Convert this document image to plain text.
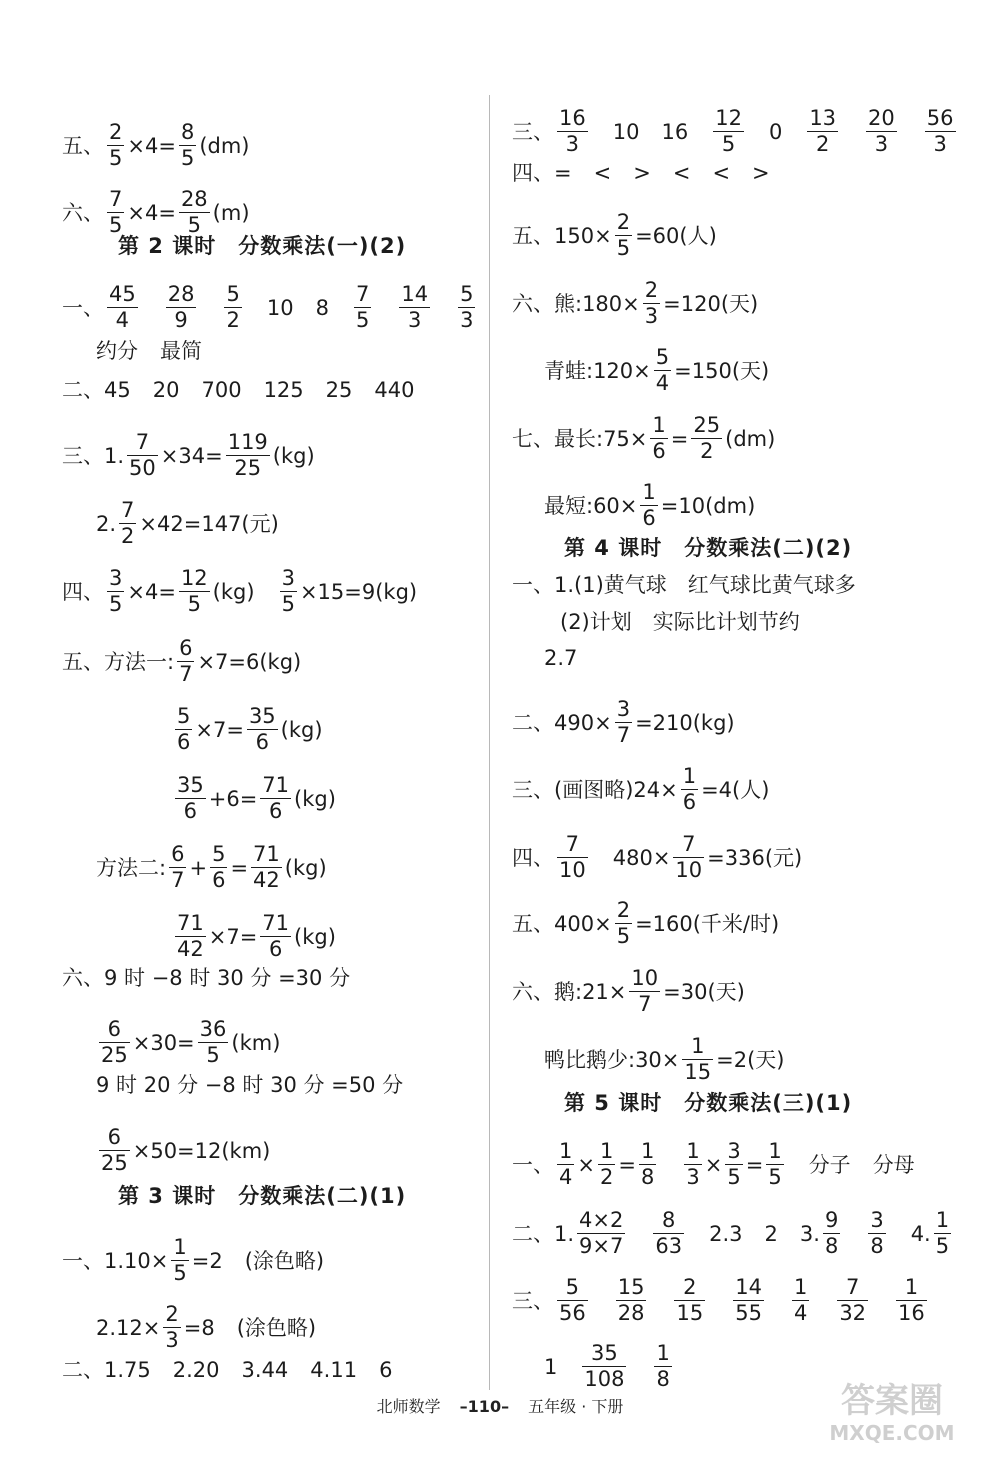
五、 $\frac{2}{5} \times 4= \frac{8}{5} (dm)$
六、 $\frac{7}{5} \times 4= \frac{28}{5} (m)$
第 2 课时　分数乘法(一)(2)
一、 $\frac{45}{4} \frac{28}{9} \frac{5}{2} 10$ $8 \frac{7}{5} \frac{14}{3} \frac{5}{3}$
约分 最简
二、45 20 700 125 25 440
三、1. $\frac{7}{50} \times 34= \frac{119}{25} (kg)$
2. $\frac{7}{2} \times 42=147$(元)
四、 $\frac{3}{5} \times 4= \frac{12}{5} (kg) \frac{3}{5} \times 15=9(kg)$
五、方法一: $\frac{6}{7} \times 7=6(kg)$
$\frac{5}{6} \times 7= \frac{35}{6} (kg)$
$\frac{35}{6} +6= \frac{71}{6} (kg)$
方法二: $\frac{6}{7} + \frac{5}{6} = \frac{71}{42} (kg)$
$\frac{71}{42} \times 7= \frac{71}{6} (kg)$
六、9 时 −8 时 30 分 =30 分
$\frac{6}{25} \times 30= \frac{36}{5} (km)$
9 时 20 分 −8 时 30 分 =50 分
$\frac{6}{25} \times 50=12(km)$
第 3 课时　分数乘法(二)(1)
一、$1.10\times \frac{1}{5} =2$ (涂色略)
$2.12\times \frac{2}{3} =8$ (涂色略)
二、1.75 2.20 3.44 4.11 6
三、 $\frac{16}{3} 10$ $16 \frac{12}{5} 0 \frac{13}{2} \frac{20}{3} \frac{56}{3}$
四、= < > < < >
五、$150\times \frac{2}{5} =60$(人)
六、熊:180× $\frac{2}{3} =120$(天)
青蛙:120× $\frac{5}{4} =150$(天)
七、最长:75× $\frac{1}{6} = \frac{25}{2} (dm)$
最短:60× $\frac{1}{6} =10(dm)$
第 4 课时　分数乘法(二)(2)
一、1.(1)黄气球　红气球比黄气球多
(2)计划　实际比计划节约
2.7
二、$490\times \frac{3}{7} =210(kg)$
三、(画图略)$24\times \frac{1}{6} =4$(人)
四、 $\frac{7}{10} 480\times \frac{7}{10} =336$(元)
五、$400\times \frac{2}{5} =160$(千米/时)
六、鹅:21× $\frac{10}{7} =30$(天)
鸭比鹅少:30× $\frac{1}{15} =2$(天)
第 5 课时　分数乘法(三)(1)
一、 $\frac{1}{4} \times \frac{1}{2} = \frac{1}{8} \frac{1}{3} \times \frac{3}{5} = \frac{1}{5}$ 分子 分母
二、1. $\frac{4\times 2}{9\times 7} \frac{8}{63} 2.3$ 2 3. $\frac{9}{8} \frac{3}{8} 4$. $\frac{1}{5}$
三、 $\frac{5}{56} \frac{15}{28} \frac{2}{15} \frac{14}{55} \frac{1}{4} \frac{7}{32} \frac{1}{16}$
$1 \frac{35}{108} \frac{1}{8}$
北师数学 –110– 五年级 · 下册	答案圈
MXQE.COM
